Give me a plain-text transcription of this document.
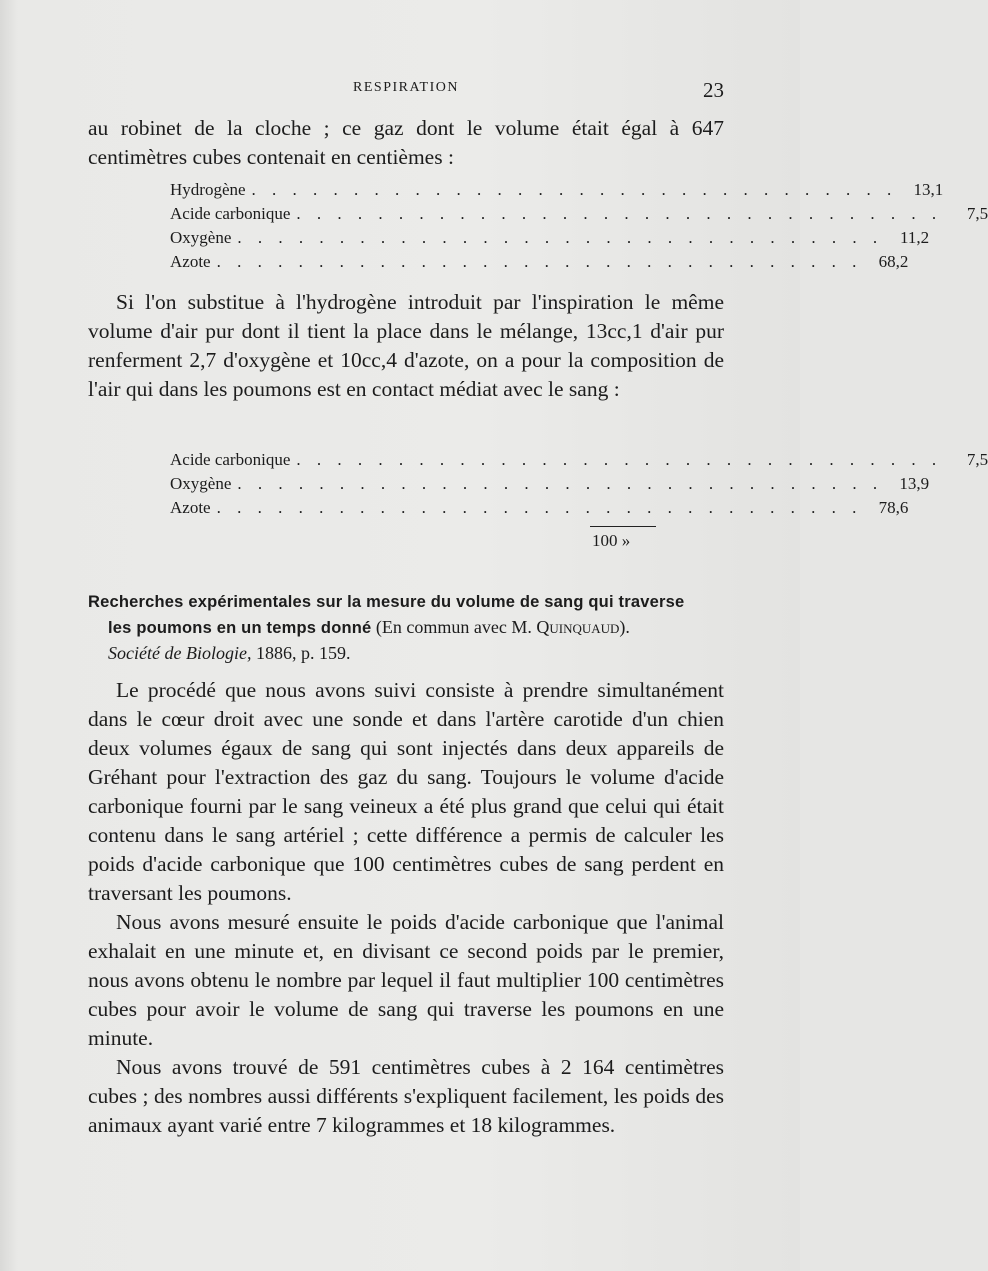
RESPIRATION	23

au robinet de la cloche ; ce gaz dont le volume était égal à 647 centimètres cubes contenait en centièmes :

Hydrogène . . . . . . . . . . . . . . . . . . . . . . . . . . . . . . . . 13,1
Acide carbonique . . . . . . . . . . . . . . . . . . . . . . . . . . . . . . . .	7,5
Oxygène . . . . . . . . . . . . . . . . . . . . . . . . . . . . . . . . 11,2
Azote . . . . . . . . . . . . . . . . . . . . . . . . . . . . . . . . 68,2

Si l'on substitue à l'hydrogène introduit par l'inspiration le même volume d'air pur dont il tient la place dans le mélange, 13cc,1 d'air pur renferment 2,7 d'oxygène et 10cc,4 d'azote, on a pour la composition de l'air qui dans les poumons est en contact médiat avec le sang :

Acide carbonique . . . . . . . . . . . . . . . . . . . . . . . . . . . . . . . .	7,5
Oxygène . . . . . . . . . . . . . . . . . . . . . . . . . . . . . . . . 13,9
Azote . . . . . . . . . . . . . . . . . . . . . . . . . . . . . . . . 78,6
100 »
Recherches expérimentales sur la mesure du volume de sang qui traverse
les poumons en un temps donné (En commun avec M. Quinquaud).
Société de Biologie, 1886, p. 159.

Le procédé que nous avons suivi consiste à prendre simultanément dans le cœur droit avec une sonde et dans l'artère carotide d'un chien deux volumes égaux de sang qui sont injectés dans deux appareils de Gréhant pour l'extraction des gaz du sang. Toujours le volume d'acide carbonique fourni par le sang veineux a été plus grand que celui qui était contenu dans le sang artériel ; cette différence a permis de calculer les poids d'acide carbonique que 100 centimètres cubes de sang perdent en traversant les poumons.

Nous avons mesuré ensuite le poids d'acide carbonique que l'animal exhalait en une minute et, en divisant ce second poids par le premier, nous avons obtenu le nombre par lequel il faut multiplier 100 centimètres cubes pour avoir le volume de sang qui traverse les poumons en une minute.

Nous avons trouvé de 591 centimètres cubes à 2 164 centimètres cubes ; des nombres aussi différents s'expliquent facilement, les poids des animaux ayant varié entre 7 kilogrammes et 18 kilogrammes.
